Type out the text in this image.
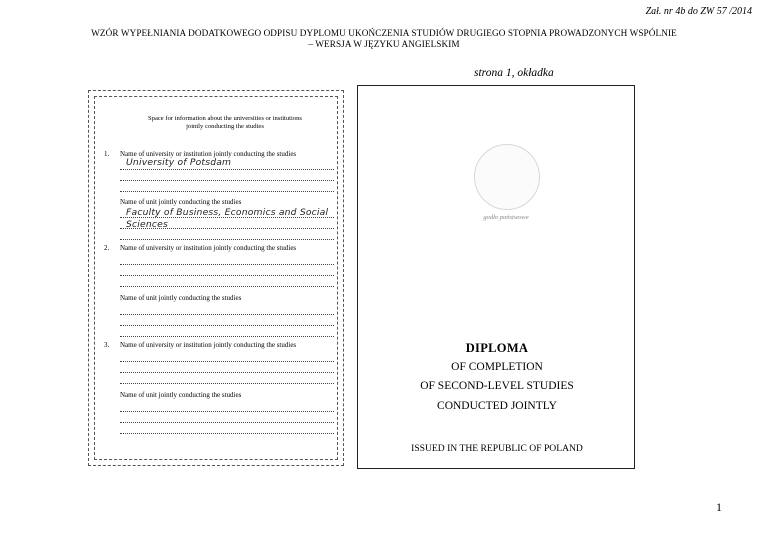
Zał. nr 4b do ZW 57 /2014
WZÓR WYPEŁNIANIA DODATKOWEGO ODPISU DYPLOMU UKOŃCZENIA STUDIÓW DRUGIEGO STOPNIA PROWADZONYCH WSPÓLNIE
– WERSJA W JĘZYKU ANGIELSKIM
strona 1, okładka
Space for information about the universities or institutions
jointly conducting the studies
1. Name of university or institution jointly conducting the studies
University of Potsdam
Name of unit jointly conducting the studies
Faculty of Business, Economics and Social
Sciences
2. Name of university or institution jointly conducting the studies
Name of unit jointly conducting the studies
3. Name of university or institution jointly conducting the studies
Name of unit jointly conducting the studies
godło państwowe
DIPLOMA
OF COMPLETION
OF SECOND-LEVEL STUDIES
CONDUCTED JOINTLY
ISSUED IN THE REPUBLIC OF POLAND
1
